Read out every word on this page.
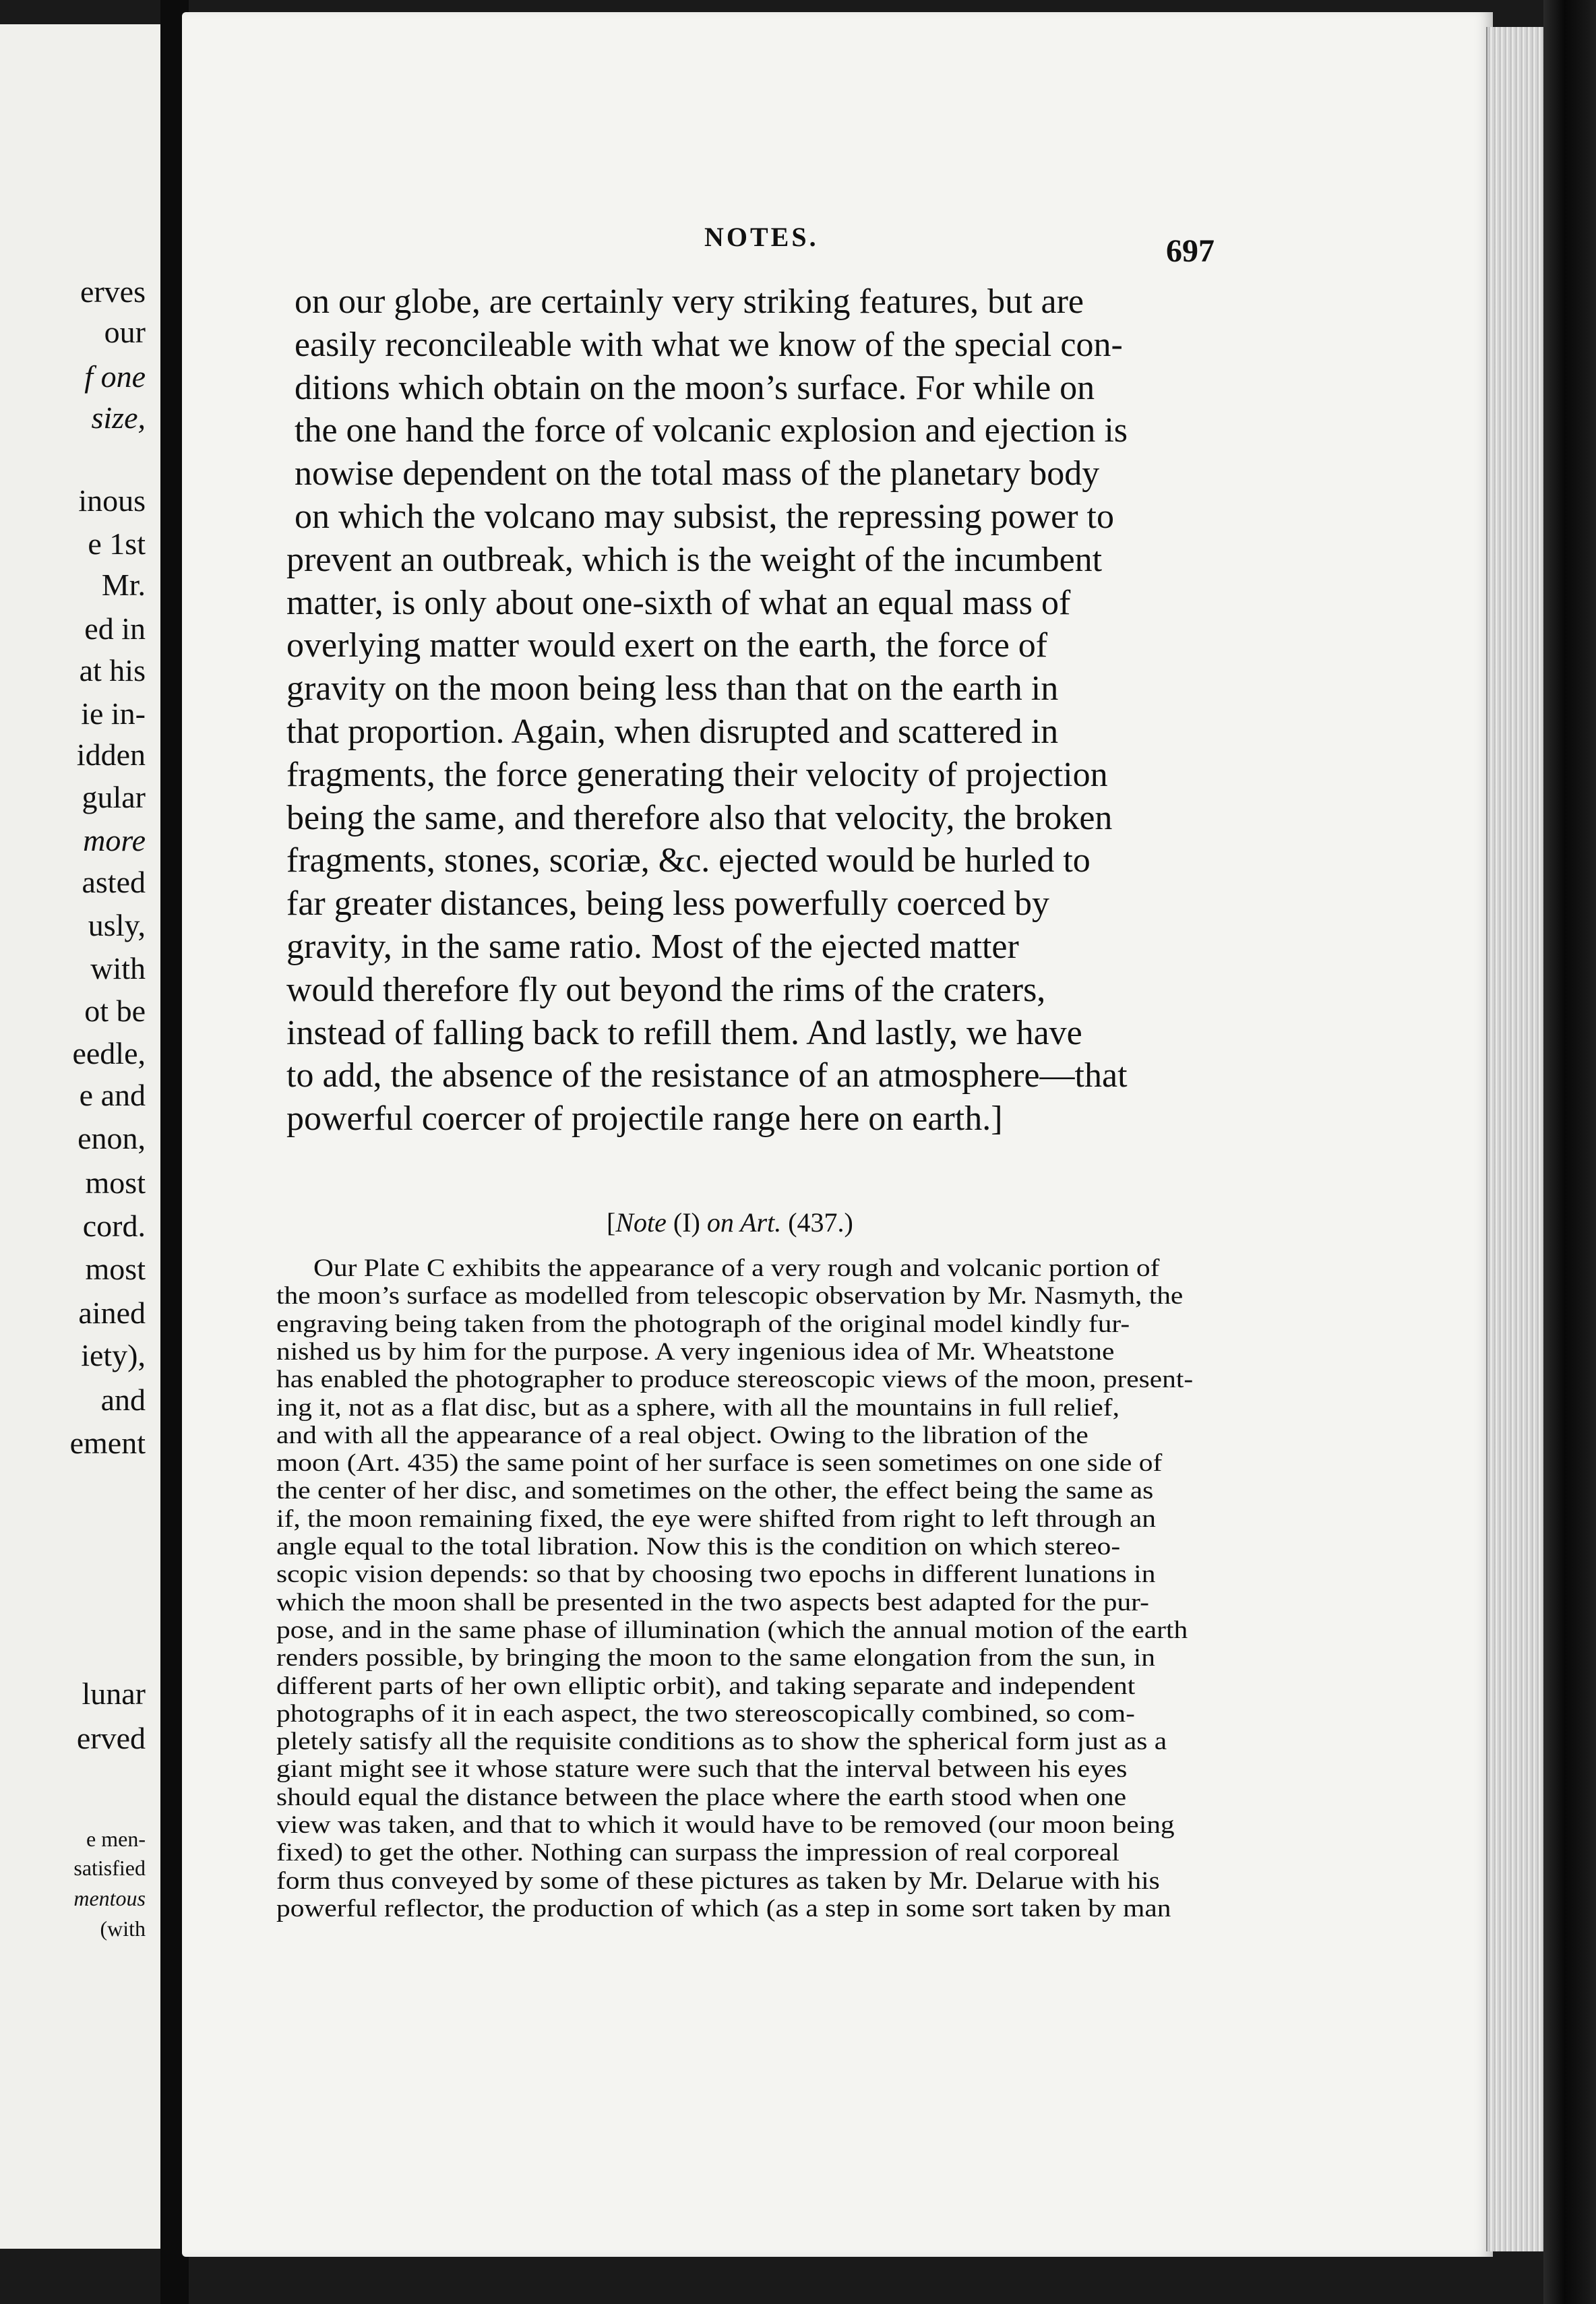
erves
our
f one
size,
inous
e 1st
Mr.
ed in
at his
ie in-
idden
gular
more
asted
usly,
with
ot be
eedle,
e and
enon,
most
cord.
most
ained
iety),
and
ement
lunar
erved
e men-
satisfied
mentous
(with
NOTES.	697
on our globe, are certainly very striking features, but are
easily reconcileable with what we know of the special con-
ditions which obtain on the moon’s surface. For while on
the one hand the force of volcanic explosion and ejection is
nowise dependent on the total mass of the planetary body
on which the volcano may subsist, the repressing power to
prevent an outbreak, which is the weight of the incumbent
matter, is only about one-sixth of what an equal mass of
overlying matter would exert on the earth, the force of
gravity on the moon being less than that on the earth in
that proportion. Again, when disrupted and scattered in
fragments, the force generating their velocity of projection
being the same, and therefore also that velocity, the broken
fragments, stones, scoriæ, &c. ejected would be hurled to
far greater distances, being less powerfully coerced by
gravity, in the same ratio. Most of the ejected matter
would therefore fly out beyond the rims of the craters,
instead of falling back to refill them. And lastly, we have
to add, the absence of the resistance of an atmosphere—that
powerful coercer of projectile range here on earth.]
[Note (I) on Art. (437.)
Our Plate C exhibits the appearance of a very rough and volcanic portion of
the moon’s surface as modelled from telescopic observation by Mr. Nasmyth, the
engraving being taken from the photograph of the original model kindly fur-
nished us by him for the purpose. A very ingenious idea of Mr. Wheatstone
has enabled the photographer to produce stereoscopic views of the moon, present-
ing it, not as a flat disc, but as a sphere, with all the mountains in full relief,
and with all the appearance of a real object. Owing to the libration of the
moon (Art. 435) the same point of her surface is seen sometimes on one side of
the center of her disc, and sometimes on the other, the effect being the same as
if, the moon remaining fixed, the eye were shifted from right to left through an
angle equal to the total libration. Now this is the condition on which stereo-
scopic vision depends: so that by choosing two epochs in different lunations in
which the moon shall be presented in the two aspects best adapted for the pur-
pose, and in the same phase of illumination (which the annual motion of the earth
renders possible, by bringing the moon to the same elongation from the sun, in
different parts of her own elliptic orbit), and taking separate and independent
photographs of it in each aspect, the two stereoscopically combined, so com-
pletely satisfy all the requisite conditions as to show the spherical form just as a
giant might see it whose stature were such that the interval between his eyes
should equal the distance between the place where the earth stood when one
view was taken, and that to which it would have to be removed (our moon being
fixed) to get the other. Nothing can surpass the impression of real corporeal
form thus conveyed by some of these pictures as taken by Mr. Delarue with his
powerful reflector, the production of which (as a step in some sort taken by man
